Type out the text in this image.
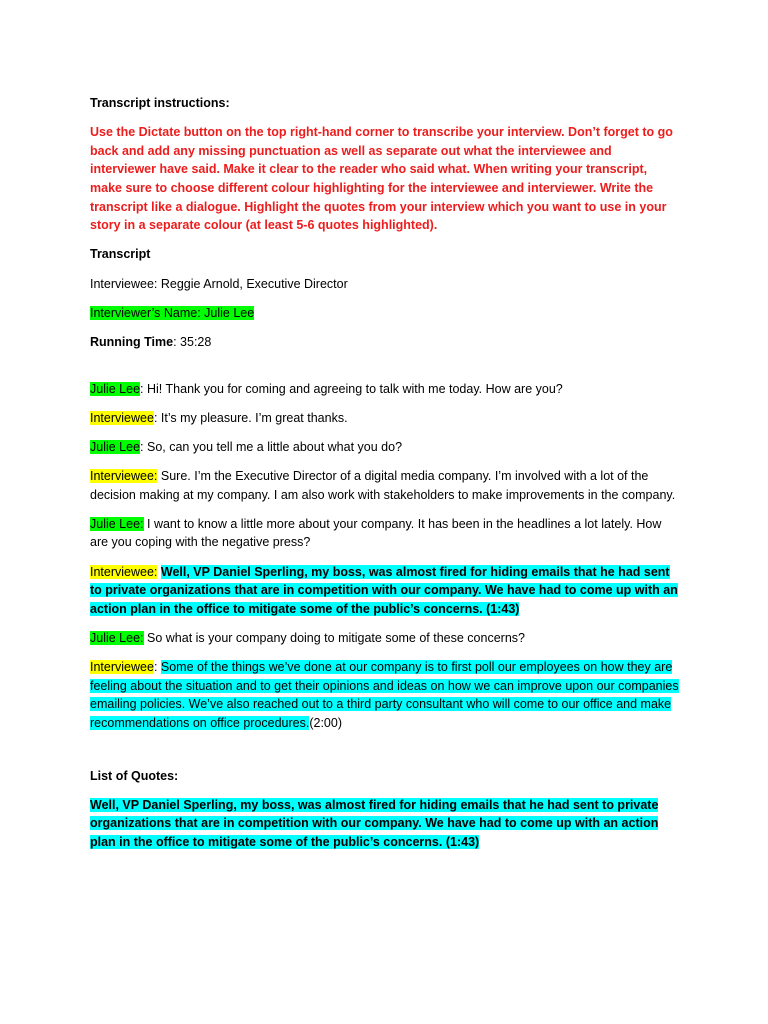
Transcript instructions:

Use the Dictate button on the top right-hand corner to transcribe your interview. Don’t forget to go back and add any missing punctuation as well as separate out what the interviewee and interviewer have said. Make it clear to the reader who said what. When writing your transcript, make sure to choose different colour highlighting for the interviewee and interviewer. Write the transcript like a dialogue. Highlight the quotes from your interview which you want to use in your story in a separate colour (at least 5-6 quotes highlighted).

Transcript

Interviewee: Reggie Arnold, Executive Director

Interviewer’s Name: Julie Lee

Running Time: 35:28

Julie Lee: Hi! Thank you for coming and agreeing to talk with me today. How are you?

Interviewee: It’s my pleasure. I’m great thanks.

Julie Lee: So, can you tell me a little about what you do?

Interviewee: Sure. I’m the Executive Director of a digital media company. I’m involved with a lot of the decision making at my company. I am also work with stakeholders to make improvements in the company.

Julie Lee: I want to know a little more about your company. It has been in the headlines a lot lately. How are you coping with the negative press?

Interviewee: Well, VP Daniel Sperling, my boss, was almost fired for hiding emails that he had sent to private organizations that are in competition with our company. We have had to come up with an action plan in the office to mitigate some of the public’s concerns. (1:43)

Julie Lee: So what is your company doing to mitigate some of these concerns?

Interviewee: Some of the things we’ve done at our company is to first poll our employees on how they are feeling about the situation and to get their opinions and ideas on how we can improve upon our companies emailing policies. We’ve also reached out to a third party consultant who will come to our office and make recommendations on office procedures.(2:00)

List of Quotes:

Well, VP Daniel Sperling, my boss, was almost fired for hiding emails that he had sent to private organizations that are in competition with our company. We have had to come up with an action plan in the office to mitigate some of the public’s concerns. (1:43)
